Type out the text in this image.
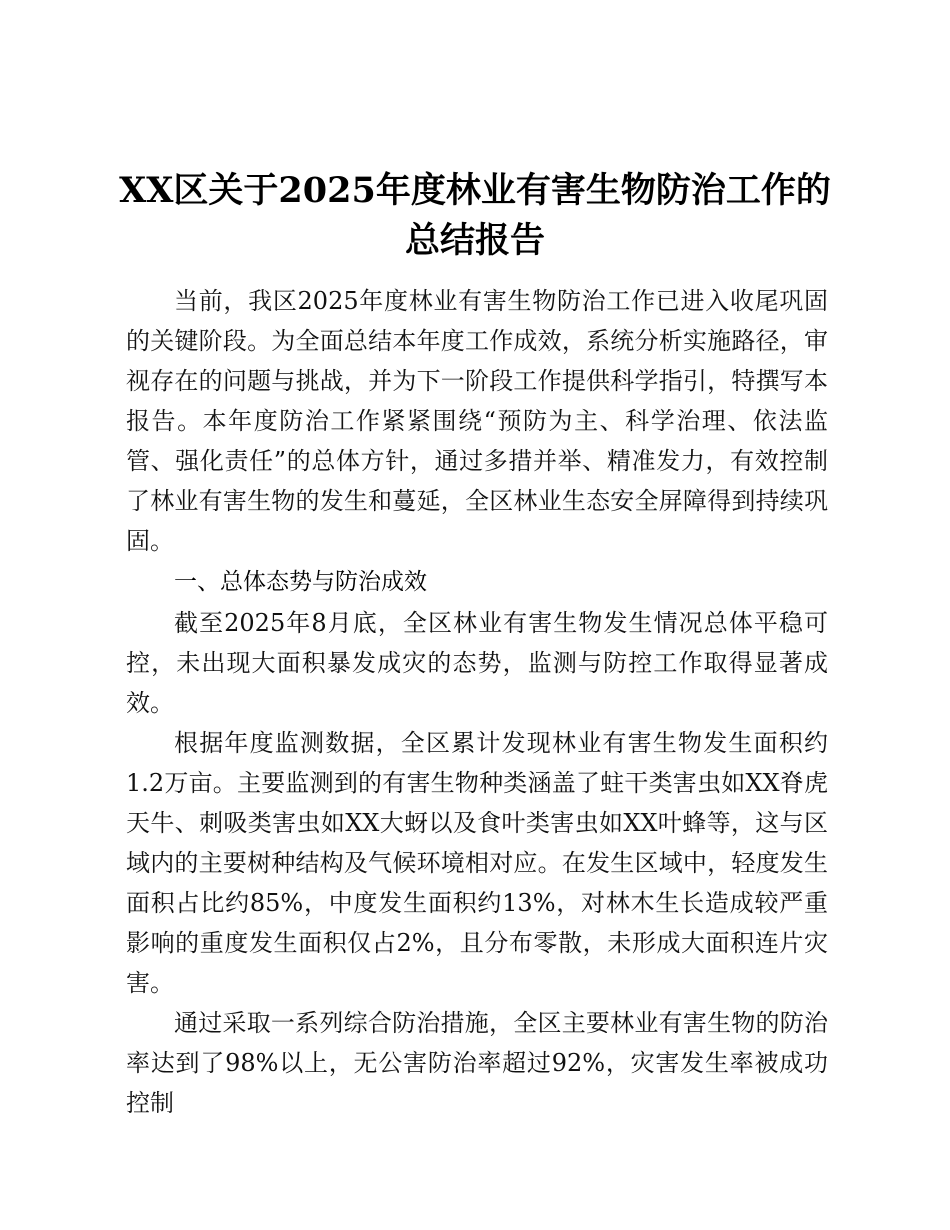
XX区关于2025年度林业有害生物防治工作的
总结报告

当前，我区2025年度林业有害生物防治工作已进入收尾巩固的关键阶段。为全面总结本年度工作成效，系统分析实施路径，审视存在的问题与挑战，并为下一阶段工作提供科学指引，特撰写本报告。本年度防治工作紧紧围绕“预防为主、科学治理、依法监管、强化责任”的总体方针，通过多措并举、精准发力，有效控制了林业有害生物的发生和蔓延，全区林业生态安全屏障得到持续巩固。

一、总体态势与防治成效

截至2025年8月底，全区林业有害生物发生情况总体平稳可控，未出现大面积暴发成灾的态势，监测与防控工作取得显著成效。

根据年度监测数据，全区累计发现林业有害生物发生面积约1.2万亩。主要监测到的有害生物种类涵盖了蛀干类害虫如XX脊虎天牛、刺吸类害虫如XX大蚜以及食叶类害虫如XX叶蜂等，这与区域内的主要树种结构及气候环境相对应。在发生区域中，轻度发生面积占比约85%，中度发生面积约13%，对林木生长造成较严重影响的重度发生面积仅占2%，且分布零散，未形成大面积连片灾害。

通过采取一系列综合防治措施，全区主要林业有害生物的防治率达到了98%以上，无公害防治率超过92%，灾害发生率被成功控制
